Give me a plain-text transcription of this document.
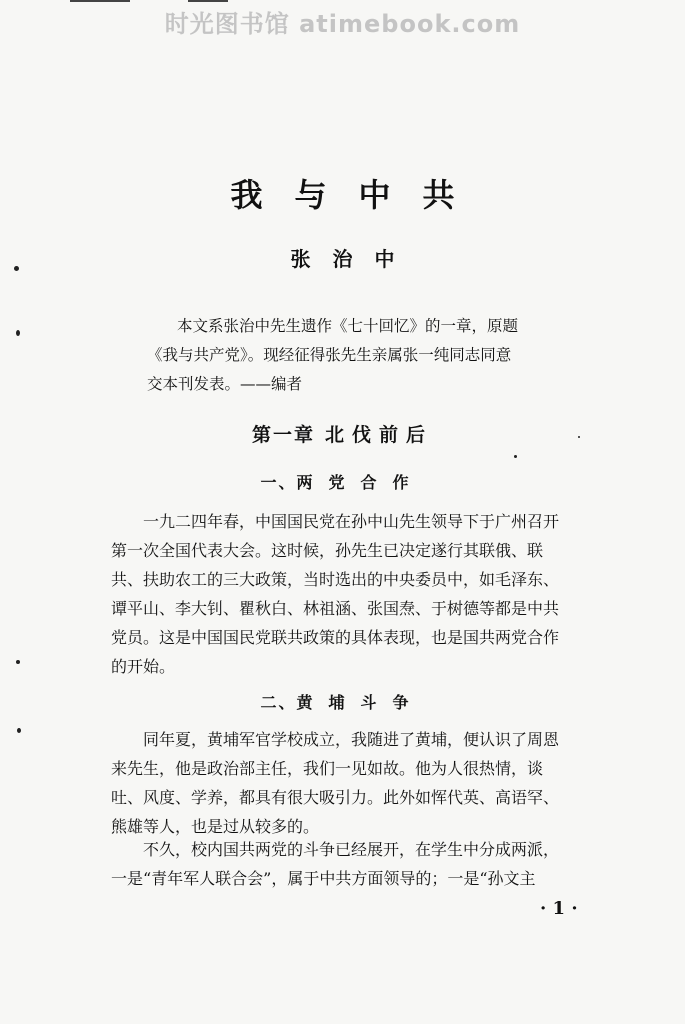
时光图书馆 atimebook.com
我与中共
张治中

本文系张治中先生遗作《七十回忆》的一章，原题

《我与共产党》。现经征得张先生亲属张一纯同志同意

交本刊发表。——编者

第一章 北伐前后
一、两党合作

一九二四年春，中国国民党在孙中山先生领导下于广州召开

第一次全国代表大会。这时候，孙先生已决定遂行其联俄、联

共、扶助农工的三大政策，当时选出的中央委员中，如毛泽东、

谭平山、李大钊、瞿秋白、林祖涵、张国焘、于树德等都是中共

党员。这是中国国民党联共政策的具体表现，也是国共两党合作

的开始。

二、黄埔斗争

同年夏，黄埔军官学校成立，我随进了黄埔，便认识了周恩

来先生，他是政治部主任，我们一见如故。他为人很热情，谈

吐、风度、学养，都具有很大吸引力。此外如恽代英、高语罕、

熊雄等人，也是过从较多的。

不久，校内国共两党的斗争已经展开，在学生中分成两派，

一是“青年军人联合会”，属于中共方面领导的；一是“孙文主

· 1 ·
